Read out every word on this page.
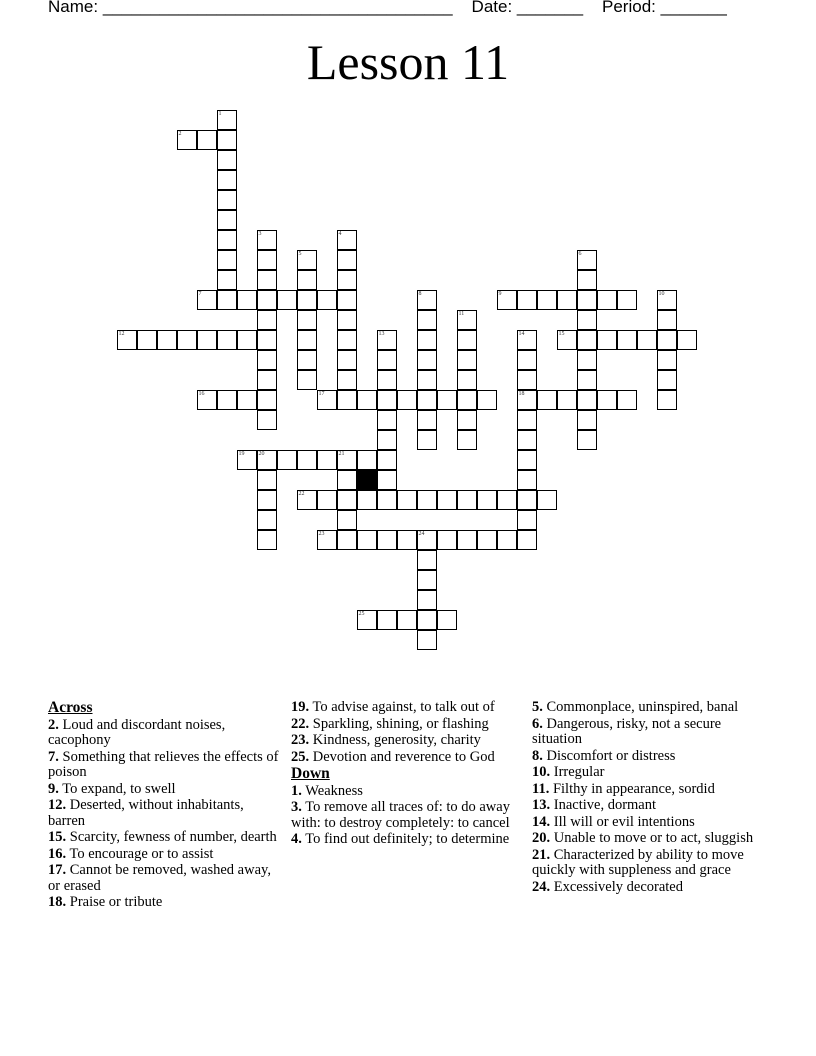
Name: _____________________________________ Date: _______ Period: _______
Lesson 11
1
2
3	4
5	6
7	8	9	10
11
12	13	14
18
15
16	17
19 20	21
22
23	24
25
Across
2. Loud and discordant noises, cacophony
7. Something that relieves the effects of poison
9. To expand, to swell
12. Deserted, without inhabitants, barren
15. Scarcity, fewness of number, dearth
16. To encourage or to assist
17. Cannot be removed, washed away, or erased
18. Praise or tribute
19. To advise against, to talk out of
22. Sparkling, shining, or flashing
23. Kindness, generosity, charity
25. Devotion and reverence to God
Down
1. Weakness
3. To remove all traces of: to do away with: to destroy completely: to cancel
4. To find out definitely; to determine
5. Commonplace, uninspired, banal
6. Dangerous, risky, not a secure situation
8. Discomfort or distress
10. Irregular
11. Filthy in appearance, sordid
13. Inactive, dormant
14. Ill will or evil intentions
20. Unable to move or to act, sluggish
21. Characterized by ability to move quickly with suppleness and grace
24. Excessively decorated
